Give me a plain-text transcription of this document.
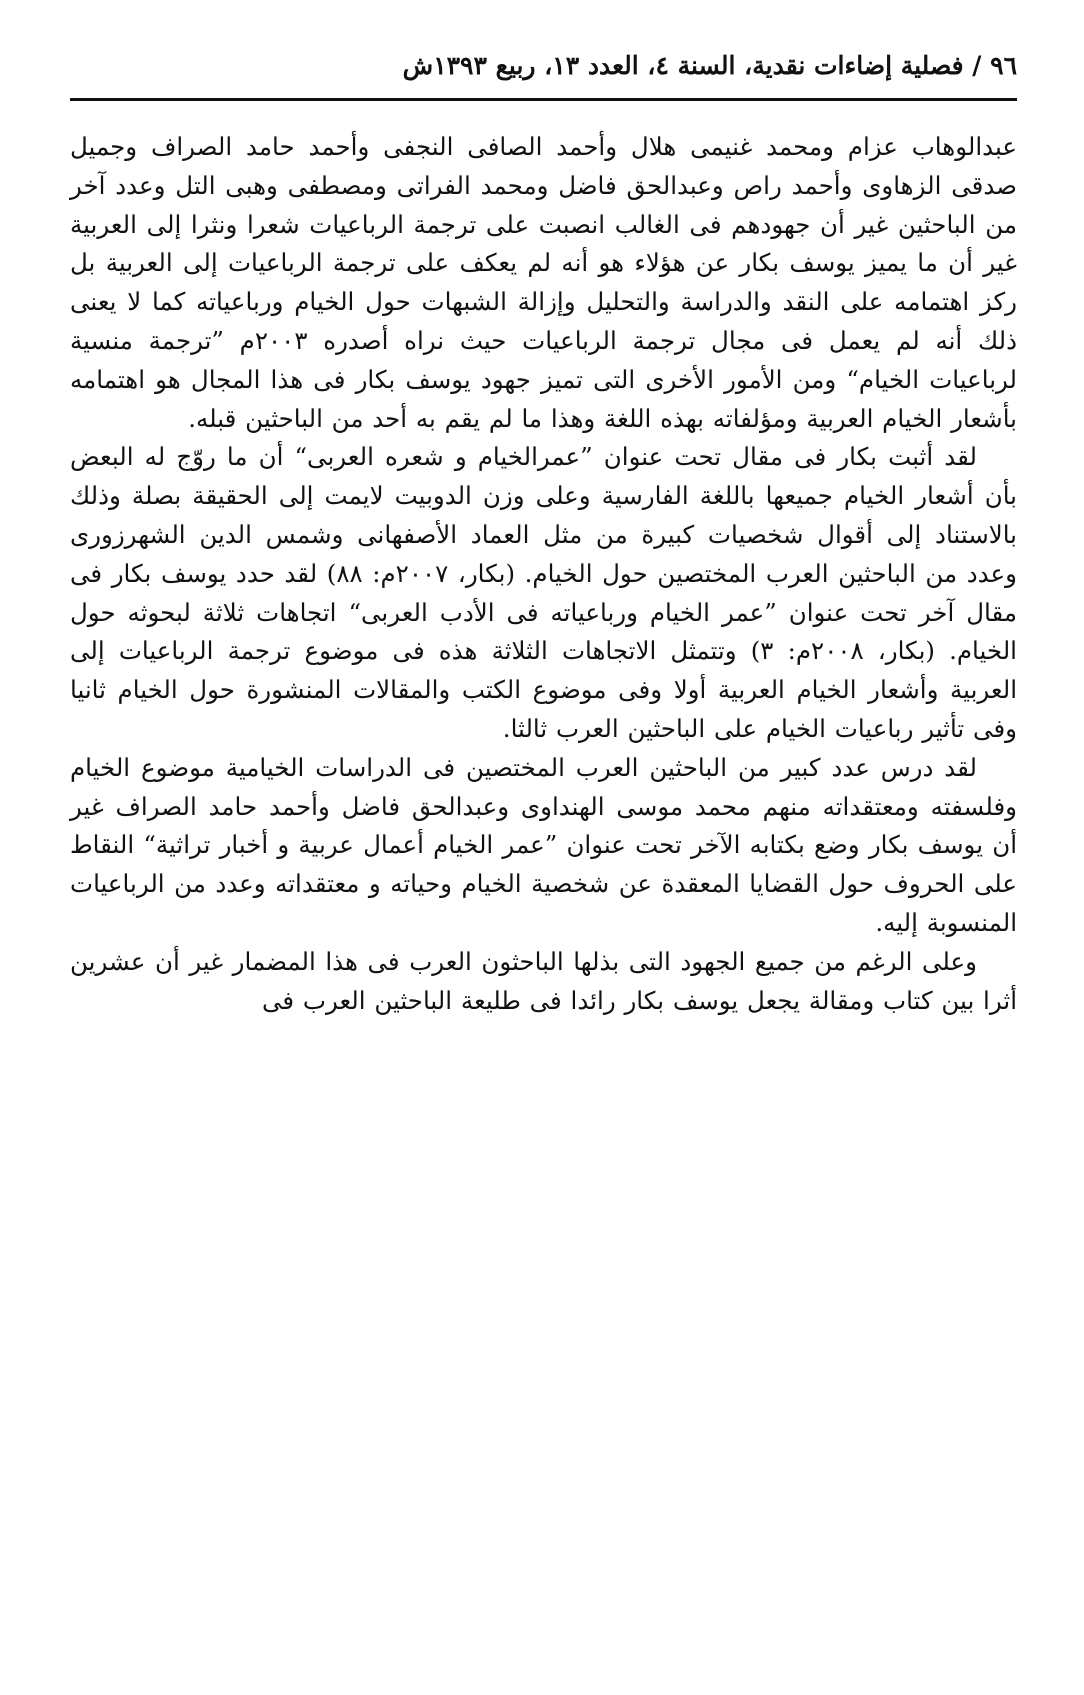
٩٦ / فصلية إضاءات نقدية، السنة ٤، العدد ١٣، ربيع ١٣٩٣ش

عبدالوهاب عزام ومحمد غنيمى هلال وأحمد الصافى النجفى وأحمد حامد الصراف وجميل صدقى الزهاوى وأحمد راص وعبدالحق فاضل ومحمد الفراتى ومصطفى وهبى التل وعدد آخر من الباحثين غير أن جهودهم فى الغالب انصبت على ترجمة الرباعيات شعرا ونثرا إلى العربية غير أن ما يميز يوسف بكار عن هؤلاء هو أنه لم يعكف على ترجمة الرباعيات إلى العربية بل ركز اهتمامه على النقد والدراسة والتحليل وإزالة الشبهات حول الخيام ورباعياته كما لا يعنى ذلك أنه لم يعمل فى مجال ترجمة الرباعيات حيث نراه أصدره ٢٠٠٣م ”ترجمة منسية لرباعيات الخيام“ ومن الأمور الأخرى التى تميز جهود يوسف بكار فى هذا المجال هو اهتمامه بأشعار الخيام العربية ومؤلفاته بهذه اللغة وهذا ما لم يقم به أحد من الباحثين قبله.

لقد أثبت بكار فى مقال تحت عنوان ”عمرالخيام و شعره العربى“ أن ما روّج له البعض بأن أشعار الخيام جميعها باللغة الفارسية وعلى وزن الدوبيت لايمت إلى الحقيقة بصلة وذلك بالاستناد إلى أقوال شخصيات كبيرة من مثل العماد الأصفهانى وشمس الدين الشهرزورى وعدد من الباحثين العرب المختصين حول الخيام. (بكار، ٢٠٠٧م: ٨٨) لقد حدد يوسف بكار فى مقال آخر تحت عنوان ”عمر الخيام ورباعياته فى الأدب العربى“ اتجاهات ثلاثة لبحوثه حول الخيام. (بكار، ٢٠٠٨م: ٣) وتتمثل الاتجاهات الثلاثة هذه فى موضوع ترجمة الرباعيات إلى العربية وأشعار الخيام العربية أولا وفى موضوع الكتب والمقالات المنشورة حول الخيام ثانيا وفى تأثير رباعيات الخيام على الباحثين العرب ثالثا.

لقد درس عدد كبير من الباحثين العرب المختصين فى الدراسات الخيامية موضوع الخيام وفلسفته ومعتقداته منهم محمد موسى الهنداوى وعبدالحق فاضل وأحمد حامد الصراف غير أن يوسف بكار وضع بكتابه الآخر تحت عنوان ”عمر الخيام أعمال عربية و أخبار تراثية“ النقاط على الحروف حول القضايا المعقدة عن شخصية الخيام وحياته و معتقداته وعدد من الرباعيات المنسوبة إليه.

وعلى الرغم من جميع الجهود التى بذلها الباحثون العرب فى هذا المضمار غير أن عشرين أثرا بين كتاب ومقالة يجعل يوسف بكار رائدا فى طليعة الباحثين العرب فى
